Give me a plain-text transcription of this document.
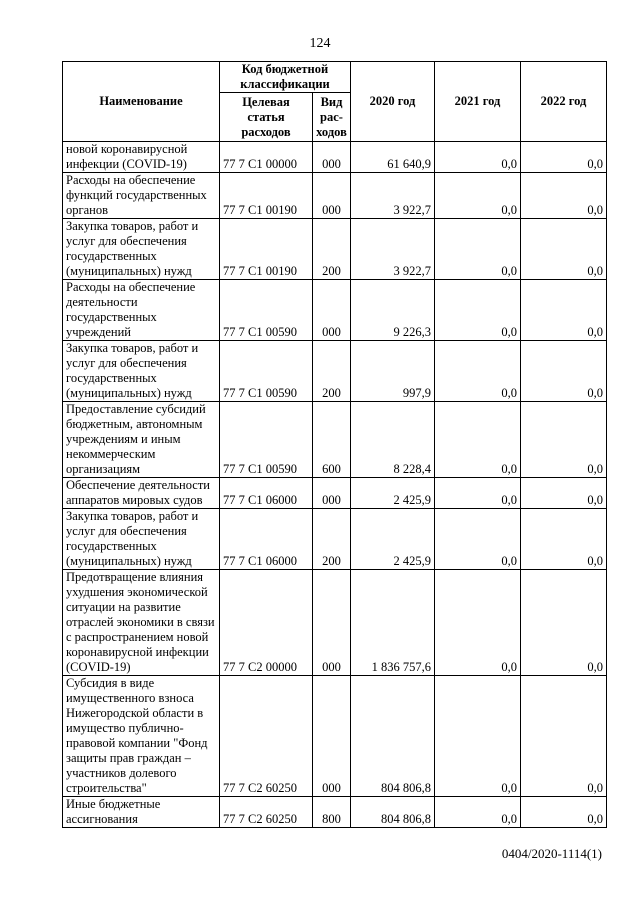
124
Наименование	Код бюджетной классификации		2020 год	2021 год	2022 год
	Целевая статья расходов	Вид рас- ходов			
новой коронавирусной инфекции (COVID-19)	77 7 C1 00000	000	61 640,9	0,0	0,0
Расходы на обеспечение функций государственных органов	77 7 C1 00190	000	3 922,7	0,0	0,0
Закупка товаров, работ и услуг для обеспечения государственных (муниципальных) нужд	77 7 C1 00190	200	3 922,7	0,0	0,0
Расходы на обеспечение деятельности государственных учреждений	77 7 C1 00590	000	9 226,3	0,0	0,0
Закупка товаров, работ и услуг для обеспечения государственных (муниципальных) нужд	77 7 C1 00590	200	997,9	0,0	0,0
Предоставление субсидий бюджетным, автономным учреждениям и иным некоммерческим организациям	77 7 C1 00590	600	8 228,4	0,0	0,0
Обеспечение деятельности аппаратов мировых судов	77 7 C1 06000	000	2 425,9	0,0	0,0
Закупка товаров, работ и услуг для обеспечения государственных (муниципальных) нужд	77 7 C1 06000	200	2 425,9	0,0	0,0
Предотвращение влияния ухудшения экономической ситуации на развитие отраслей экономики в связи с распространением новой коронавирусной инфекции (COVID-19)	77 7 C2 00000	000	1 836 757,6	0,0	0,0
Субсидия в виде имущественного взноса Нижегородской области в имущество публично-правовой компании "Фонд защиты прав граждан – участников долевого строительства"	77 7 C2 60250	000	804 806,8	0,0	0,0
Иные бюджетные ассигнования	77 7 C2 60250	800	804 806,8	0,0	0,0
0404/2020-1114(1)
